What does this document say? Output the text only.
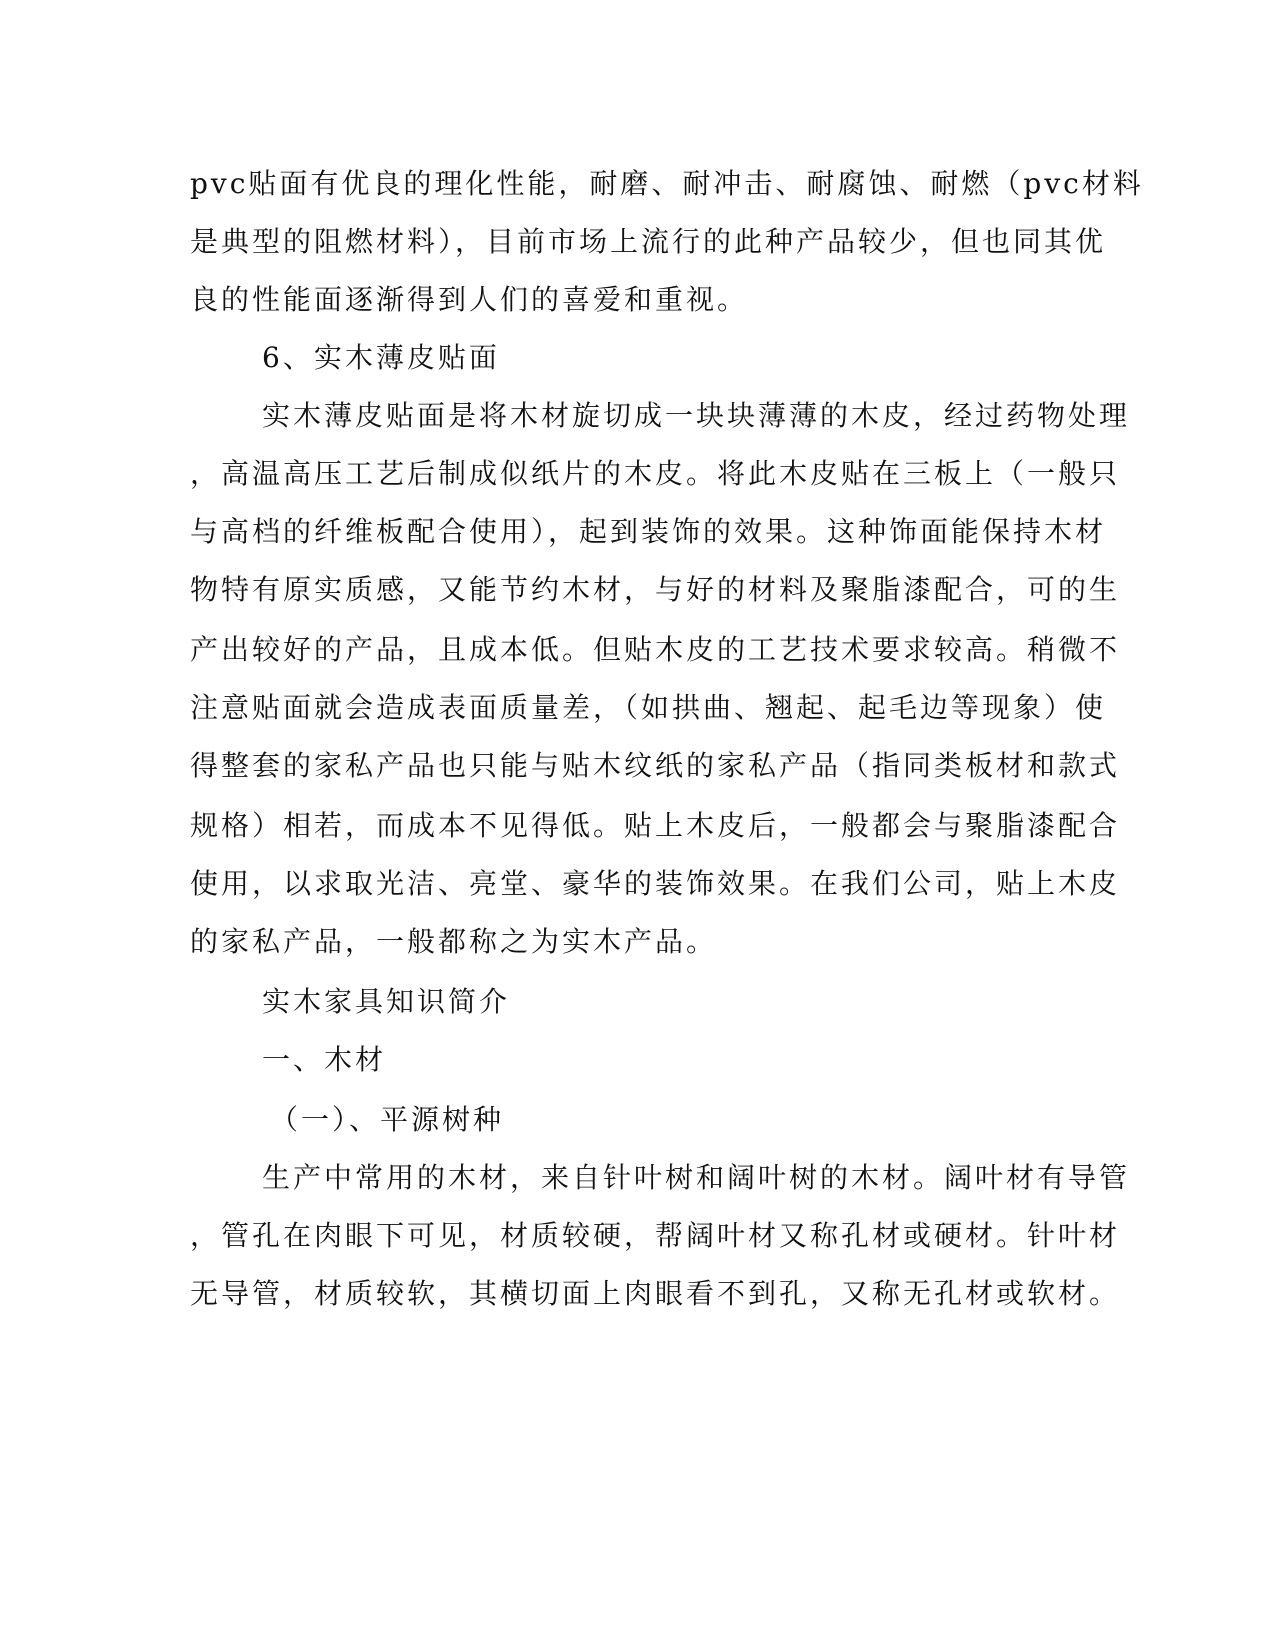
pvc贴面有优良的理化性能，耐磨、耐冲击、耐腐蚀、耐燃（pvc材料
是典型的阻燃材料），目前市场上流行的此种产品较少，但也同其优
良的性能面逐渐得到人们的喜爱和重视。
6、实木薄皮贴面
实木薄皮贴面是将木材旋切成一块块薄薄的木皮，经过药物处理
，高温高压工艺后制成似纸片的木皮。将此木皮贴在三板上（一般只
与高档的纤维板配合使用），起到装饰的效果。这种饰面能保持木材
物特有原实质感，又能节约木材，与好的材料及聚脂漆配合，可的生
产出较好的产品，且成本低。但贴木皮的工艺技术要求较高。稍微不
注意贴面就会造成表面质量差，（如拱曲、翘起、起毛边等现象）使
得整套的家私产品也只能与贴木纹纸的家私产品（指同类板材和款式
规格）相若，而成本不见得低。贴上木皮后，一般都会与聚脂漆配合
使用，以求取光洁、亮堂、豪华的装饰效果。在我们公司，贴上木皮
的家私产品，一般都称之为实木产品。
实木家具知识简介
一、木材
（一）、平源树种
生产中常用的木材，来自针叶树和阔叶树的木材。阔叶材有导管
，管孔在肉眼下可见，材质较硬，帮阔叶材又称孔材或硬材。针叶材
无导管，材质较软，其横切面上肉眼看不到孔，又称无孔材或软材。
